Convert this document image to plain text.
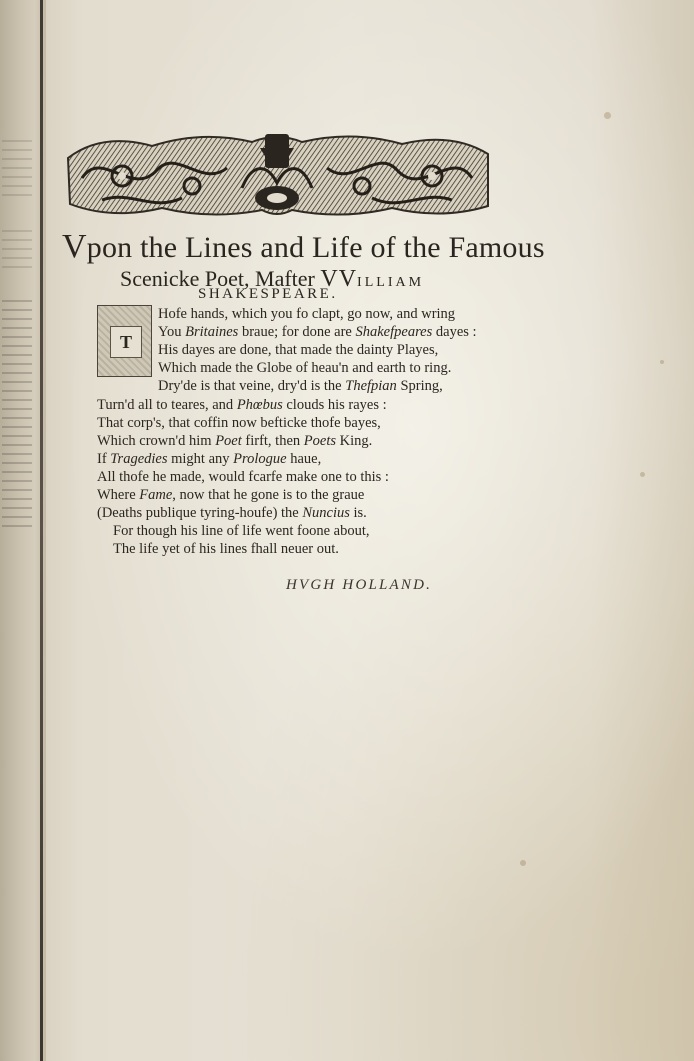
Vpon the Lines and Life of the Famous
Scenicke Poet, Mafter VVILLIAM
SHAKESPEARE.
T
Hofe hands, which you fo clapt, go now, and wring
You Britaines braue; for done are Shakefpeares dayes :
His dayes are done, that made the dainty Playes,
Which made the Globe of heau'n and earth to ring.
Dry'de is that veine, dry'd is the Thefpian Spring,
Turn'd all to teares, and Phœbus clouds his rayes :
That corp's, that coffin now befticke thofe bayes,
Which crown'd him Poet firft, then Poets King.
If Tragedies might any Prologue haue,
All thofe he made, would fcarfe make one to this :
Where Fame, now that he gone is to the graue
(Deaths publique tyring-houfe) the Nuncius is.
For though his line of life went foone about,
The life yet of his lines fhall neuer out.
HVGH HOLLAND.
